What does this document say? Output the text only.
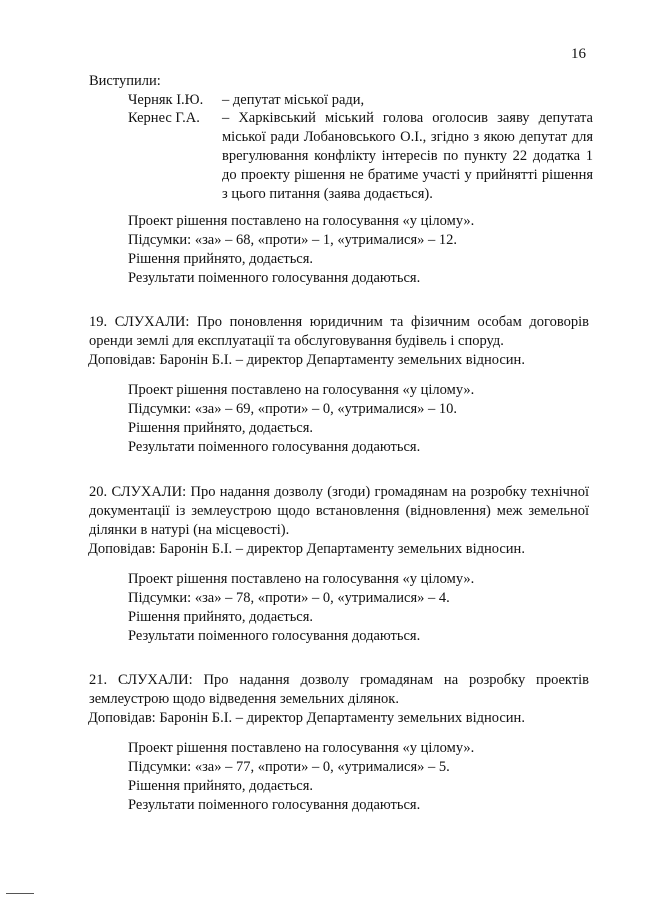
16
Виступили:
Черняк І.Ю.	– депутат міської ради,
Кернес Г.А.	– Харківський міський голова оголосив заяву депутата міської ради Лобановського О.І., згідно з якою депутат для врегулювання конфлікту інтересів по пункту 22 додатка 1 до проекту рішення не братиме участі у прийнятті рішення з цього питання (заява додається).
Проект рішення поставлено на голосування «у цілому».
Підсумки: «за» – 68, «проти» – 1, «утрималися» – 12.
Рішення прийнято, додається.
Результати поіменного голосування додаються.
19. СЛУХАЛИ: Про поновлення юридичним та фізичним особам договорів оренди землі для експлуатації та обслуговування будівель і споруд.
Доповідав: Баронін Б.І. – директор Департаменту земельних відносин.
Проект рішення поставлено на голосування «у цілому».
Підсумки: «за» – 69, «проти» – 0, «утрималися» – 10.
Рішення прийнято, додається.
Результати поіменного голосування додаються.
20. СЛУХАЛИ: Про надання дозволу (згоди) громадянам на розробку технічної документації із землеустрою щодо встановлення (відновлення) меж земельної ділянки в натурі (на місцевості).
Доповідав: Баронін Б.І. – директор Департаменту земельних відносин.
Проект рішення поставлено на голосування «у цілому».
Підсумки: «за» – 78, «проти» – 0, «утрималися» – 4.
Рішення прийнято, додається.
Результати поіменного голосування додаються.
21. СЛУХАЛИ: Про надання дозволу громадянам на розробку проектів землеустрою щодо відведення земельних ділянок.
Доповідав: Баронін Б.І. – директор Департаменту земельних відносин.
Проект рішення поставлено на голосування «у цілому».
Підсумки: «за» – 77, «проти» – 0, «утрималися» – 5.
Рішення прийнято, додається.
Результати поіменного голосування додаються.
